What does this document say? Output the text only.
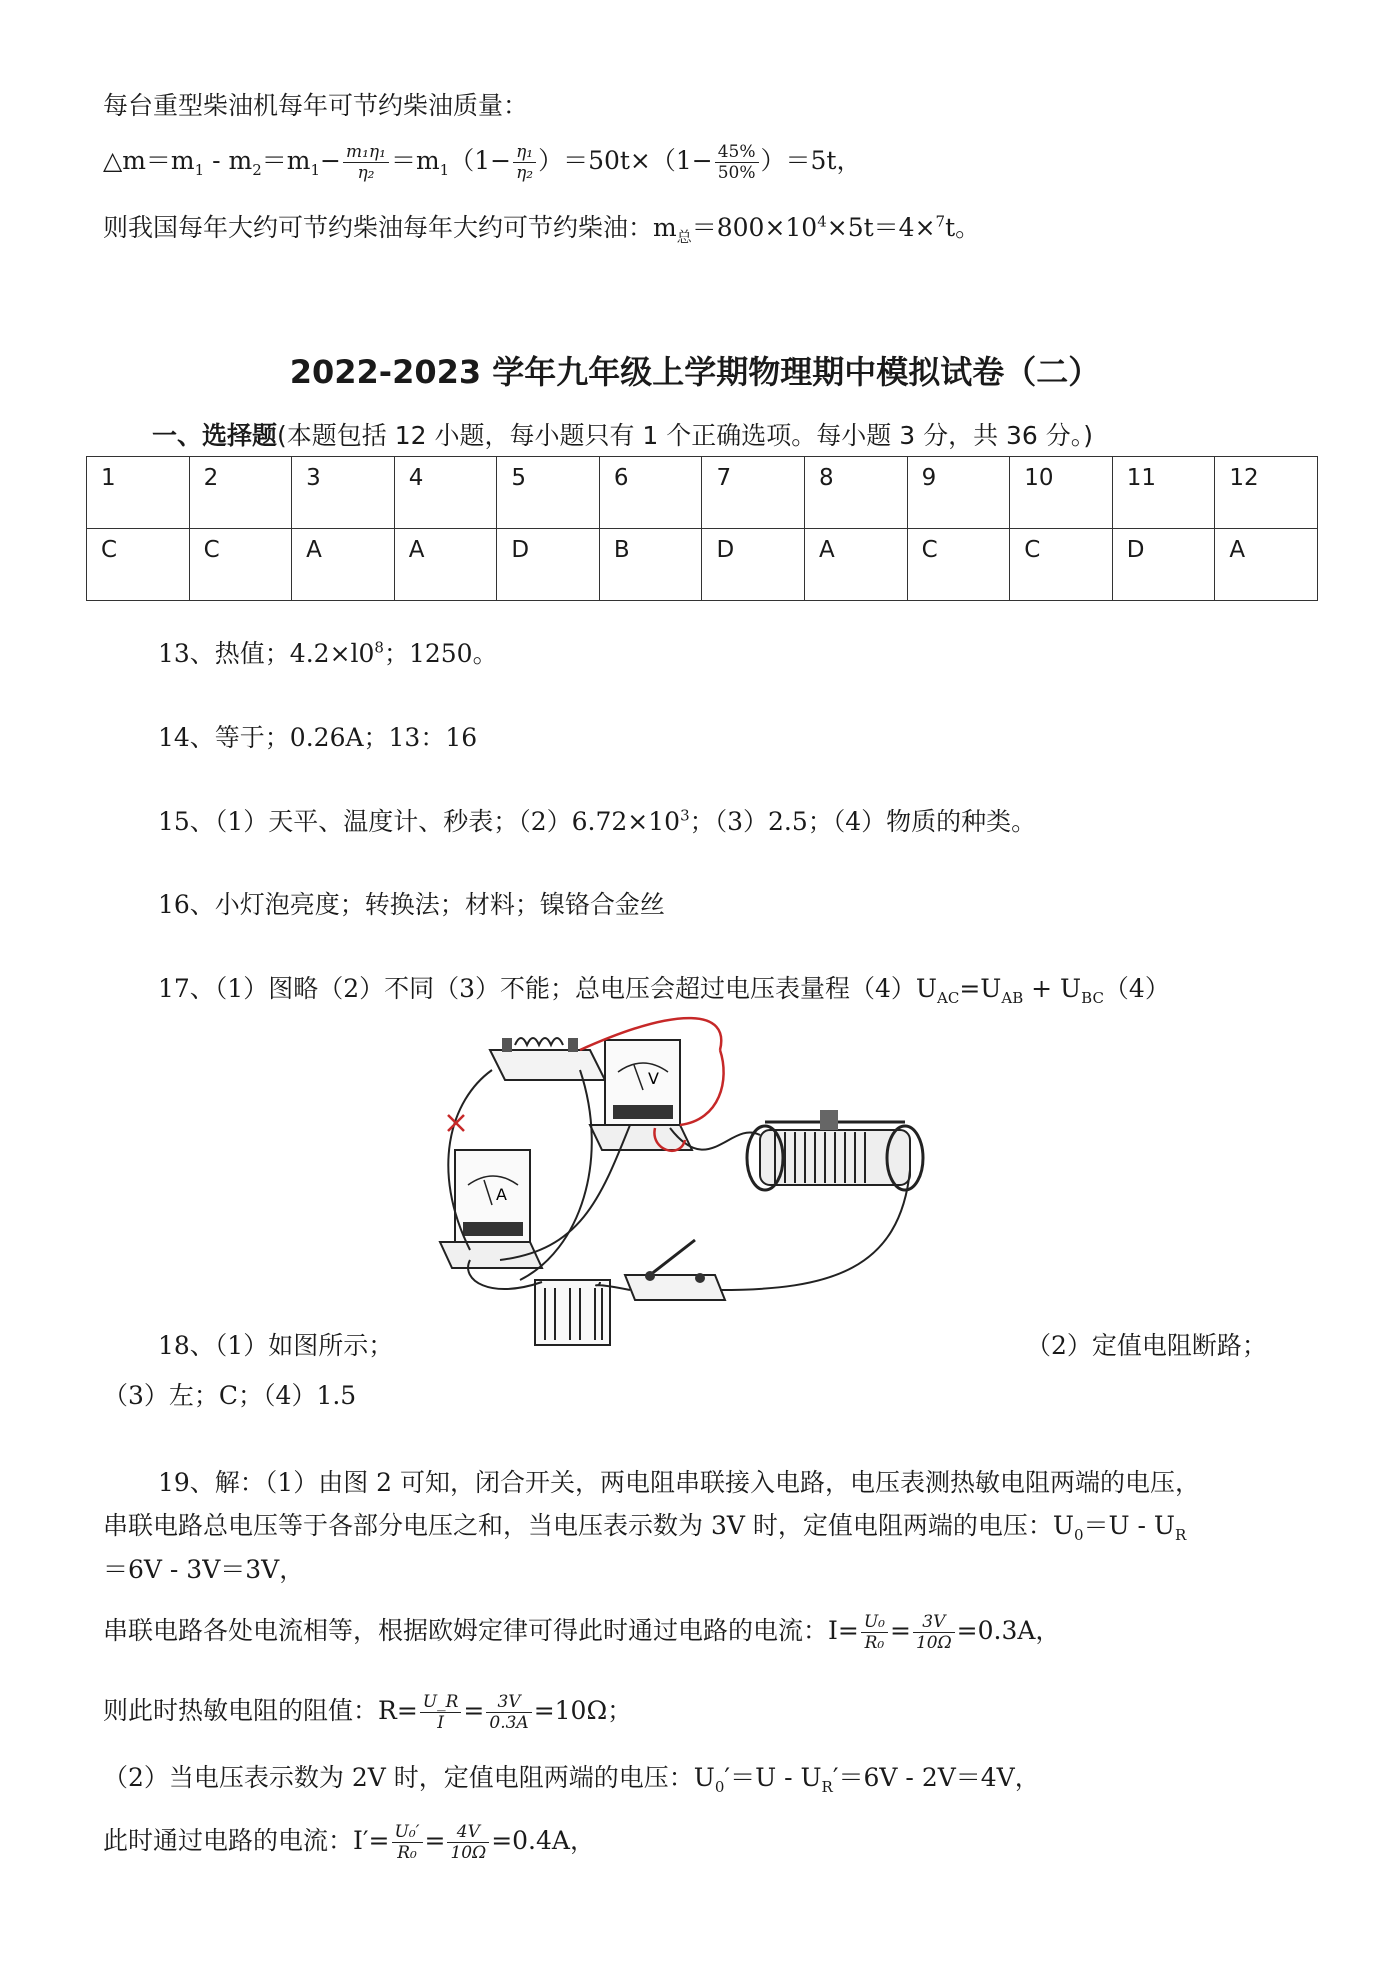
每台重型柴油机每年可节约柴油质量：
$\triangle m=m_1 - m_2=m_1- \frac{\text{m₁η₁}}{\text{η₂}} =m_1(1- \frac{\text{η₁}}{\text{η₂}} )=50t\times(1- \frac{45\%}{50\%} )=5t$，
则我国每年大约可节约柴油每年大约可节约柴油：$m_总=800\times 10^4\times 5t=4\times^7t$。
2022-2023 学年九年级上学期物理期中模拟试卷（二）
一、选择题(本题包括 12 小题，每小题只有 1 个正确选项。每小题 3 分，共 36 分。)
1	2	3	4	5	6	7	8	9	10	11	12
C	C	A	A	D	B	D	A	C	C	D	A
13、热值；$4.2\times l0^8$；1250。
14、等于；0.26A；13：16
15、（1）天平、温度计、秒表；$(2)6.72\times 10^3$；（3）2.5；（4）物质的种类。
16、小灯泡亮度；转换法；材料；镍铬合金丝
17、（1）图略（2）不同（3）不能；总电压会超过电压表量程$(4)U_{AC}=U_{AB} + U_{BC}(4)$
V
A
18、（1）如图所示；	（2）定值电阻断路；
（3）左；C；（4）1.5
19、解：（1）由图 2 可知，闭合开关，两电阻串联接入电路，电压表测热敏电阻两端的电压，
串联电路总电压等于各部分电压之和，当电压表示数为 3V 时，定值电阻两端的电压：$U_0=U - U_R$
＝6V - 3V＝3V，
串联电路各处电流相等，根据欧姆定律可得此时通过电路的电流：$I= \frac{\text{U₀}}{\text{R₀}} = \frac{3V}{10\Omega} =0.3A$，
则此时热敏电阻的阻值：$R= \frac{U\_R}{I} = \frac{3V}{0.3A} =10\Omega$；
（2）当电压表示数为 2V 时，定值电阻两端的电压：$U_0'=U - U_R'=6V - 2V=4V$，
此时通过电路的电流：$I'= \frac{\text{U₀′}}{\text{R₀}} = \frac{4V}{10\Omega} =0.4A$，
